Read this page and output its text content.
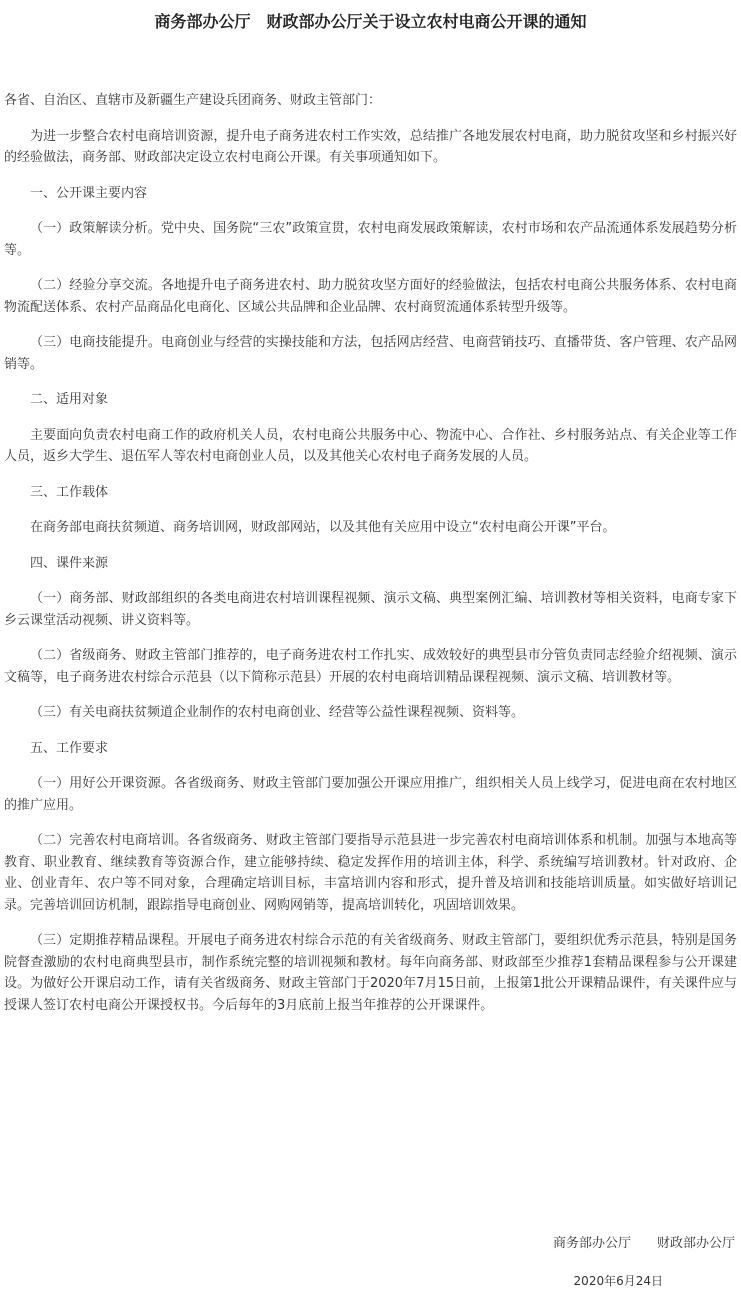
商务部办公厅　财政部办公厅关于设立农村电商公开课的通知

各省、自治区、直辖市及新疆生产建设兵团商务、财政主管部门：

为进一步整合农村电商培训资源，提升电子商务进农村工作实效，总结推广各地发展农村电商，助力脱贫攻坚和乡村振兴好的经验做法，商务部、财政部决定设立农村电商公开课。有关事项通知如下。

一、公开课主要内容

（一）政策解读分析。党中央、国务院“三农”政策宣贯，农村电商发展政策解读，农村市场和农产品流通体系发展趋势分析等。

（二）经验分享交流。各地提升电子商务进农村、助力脱贫攻坚方面好的经验做法，包括农村电商公共服务体系、农村电商物流配送体系、农村产品商品化电商化、区域公共品牌和企业品牌、农村商贸流通体系转型升级等。

（三）电商技能提升。电商创业与经营的实操技能和方法，包括网店经营、电商营销技巧、直播带货、客户管理、农产品网销等。

二、适用对象

主要面向负责农村电商工作的政府机关人员，农村电商公共服务中心、物流中心、合作社、乡村服务站点、有关企业等工作人员，返乡大学生、退伍军人等农村电商创业人员，以及其他关心农村电子商务发展的人员。

三、工作载体

在商务部电商扶贫频道、商务培训网，财政部网站，以及其他有关应用中设立“农村电商公开课”平台。

四、课件来源

（一）商务部、财政部组织的各类电商进农村培训课程视频、演示文稿、典型案例汇编、培训教材等相关资料，电商专家下乡云课堂活动视频、讲义资料等。

（二）省级商务、财政主管部门推荐的，电子商务进农村工作扎实、成效较好的典型县市分管负责同志经验介绍视频、演示文稿等，电子商务进农村综合示范县（以下简称示范县）开展的农村电商培训精品课程视频、演示文稿、培训教材等。

（三）有关电商扶贫频道企业制作的农村电商创业、经营等公益性课程视频、资料等。

五、工作要求

（一）用好公开课资源。各省级商务、财政主管部门要加强公开课应用推广，组织相关人员上线学习，促进电商在农村地区的推广应用。

（二）完善农村电商培训。各省级商务、财政主管部门要指导示范县进一步完善农村电商培训体系和机制。加强与本地高等教育、职业教育、继续教育等资源合作，建立能够持续、稳定发挥作用的培训主体，科学、系统编写培训教材。针对政府、企业、创业青年、农户等不同对象，合理确定培训目标，丰富培训内容和形式，提升普及培训和技能培训质量。如实做好培训记录。完善培训回访机制，跟踪指导电商创业、网购网销等，提高培训转化，巩固培训效果。

（三）定期推荐精品课程。开展电子商务进农村综合示范的有关省级商务、财政主管部门，要组织优秀示范县，特别是国务院督查激励的农村电商典型县市，制作系统完整的培训视频和教材。每年向商务部、财政部至少推荐1套精品课程参与公开课建设。为做好公开课启动工作，请有关省级商务、财政主管部门于2020年7月15日前，上报第1批公开课精品课件，有关课件应与授课人签订农村电商公开课授权书。今后每年的3月底前上报当年推荐的公开课课件。

商务部办公厅　　财政部办公厅
2020年6月24日
